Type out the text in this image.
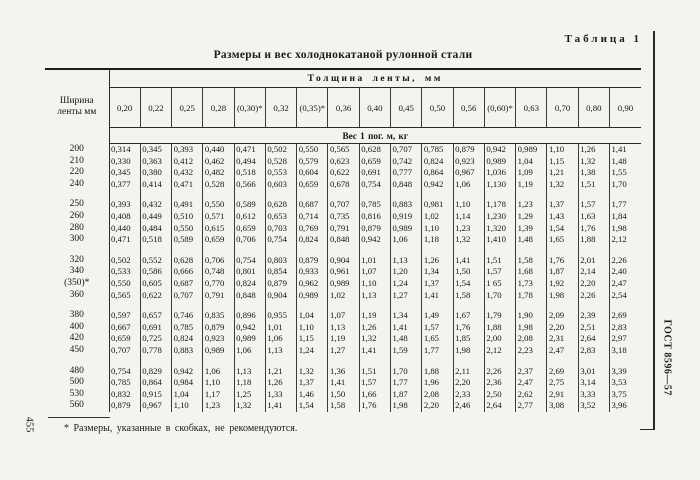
Таблица 1
Размеры и вес холоднокатаной рулонной стали
Ширина ленты мм	Толщина ленты, мм																
	0,20	0,22	0,25	0,28	(0,30)*	0,32	(0,35)*	0,36	0,40	0,45	0,50	0,56	(0,60)*	0,63	0,70	0,80	0,90
	Вес 1 пог. м, кг																
200	0,314	0,345	0,393	0,440	0,471	0,502	0,550	0,565	0,628	0,707	0,785	0,879	0,942	0,989	1,10	1,26	1,41
210	0,330	0,363	0,412	0,462	0,494	0,528	0,579	0,623	0,659	0,742	0,824	0,923	0,989	1,04	1,15	1,32	1,48
220	0,345	0,380	0,432	0,482	0,518	0,553	0,604	0,622	0,691	0,777	0,864	0,967	1,036	1,09	1,21	1,38	1,55
240	0,377	0,414	0,471	0,528	0,566	0,603	0,659	0,678	0,754	0,848	0,942	1,06	1,130	1,19	1,32	1,51	1,70

250	0,393	0,432	0,491	0,550	0,589	0,628	0,687	0,707	0,785	0,883	0,981	1,10	1,178	1,23	1,37	1,57	1,77
260	0,408	0,449	0,510	0,571	0,612	0,653	0,714	0,735	0,816	0,919	1,02	1,14	1,230	1,29	1,43	1,63	1,84
280	0,440	0,484	0,550	0,615	0,659	0,703	0,769	0,791	0,879	0,989	1,10	1,23	1,320	1,39	1,54	1,76	1,98
300	0,471	0,518	0,589	0,659	0,706	0,754	0,824	0,848	0,942	1,06	1,18	1,32	1,410	1,48	1,65	1,88	2,12

320	0,502	0,552	0,628	0,706	0,754	0,803	0,879	0,904	1,01	1,13	1,26	1,41	1,51	1,58	1,76	2,01	2,26
340	0,533	0,586	0,666	0,748	0,801	0,854	0,933	0,961	1,07	1,20	1,34	1,50	1,57	1,68	1,87	2,14	2,40
(350)*	0,550	0,605	0,687	0,770	0,824	0,879	0,962	0,989	1,10	1,24	1,37	1,54	1 65	1,73	1,92	2,20	2,47
360	0,565	0,622	0,707	0,791	0,848	0,904	0,989	1,02	1,13	1,27	1,41	1,58	1,70	1,78	1,98	2,26	2,54

380	0,597	0,657	0,746	0,835	0,896	0,955	1,04	1,07	1,19	1,34	1,49	1,67	1,79	1,90	2,09	2,39	2,69
400	0,667	0,691	0,785	0,879	0,942	1,01	1,10	1,13	1,26	1,41	1,57	1,76	1,88	1,98	2,20	2,51	2,83
420	0,659	0,725	0,824	0,923	0,989	1,06	1,15	1,19	1,32	1,48	1,65	1,85	2,00	2,08	2,31	2,64	2,97
450	0,707	0,778	0,883	0,989	1,06	1,13	1,24	1,27	1,41	1,59	1,77	1,98	2,12	2,23	2,47	2,83	3,18

480	0,754	0,829	0,942	1,06	1,13	1,21	1,32	1,36	1,51	1,70	1,88	2,11	2,26	2,37	2,69	3,01	3,39
500	0,785	0,864	0,984	1,10	1,18	1,26	1,37	1,41	1,57	1,77	1,96	2,20	2,36	2,47	2,75	3,14	3,53
530	0,832	0,915	1,04	1,17	1,25	1,33	1,46	1,50	1,66	1,87	2,08	2,33	2,50	2,62	2,91	3,33	3,75
560	0,879	0,967	1,10	1,23	1,32	1,41	1,54	1,58	1,76	1,98	2,20	2,46	2,64	2,77	3,08	3,52	3,96
* Размеры, указанные в скобках, не рекомендуются.
455
ГОСТ 8596—57
